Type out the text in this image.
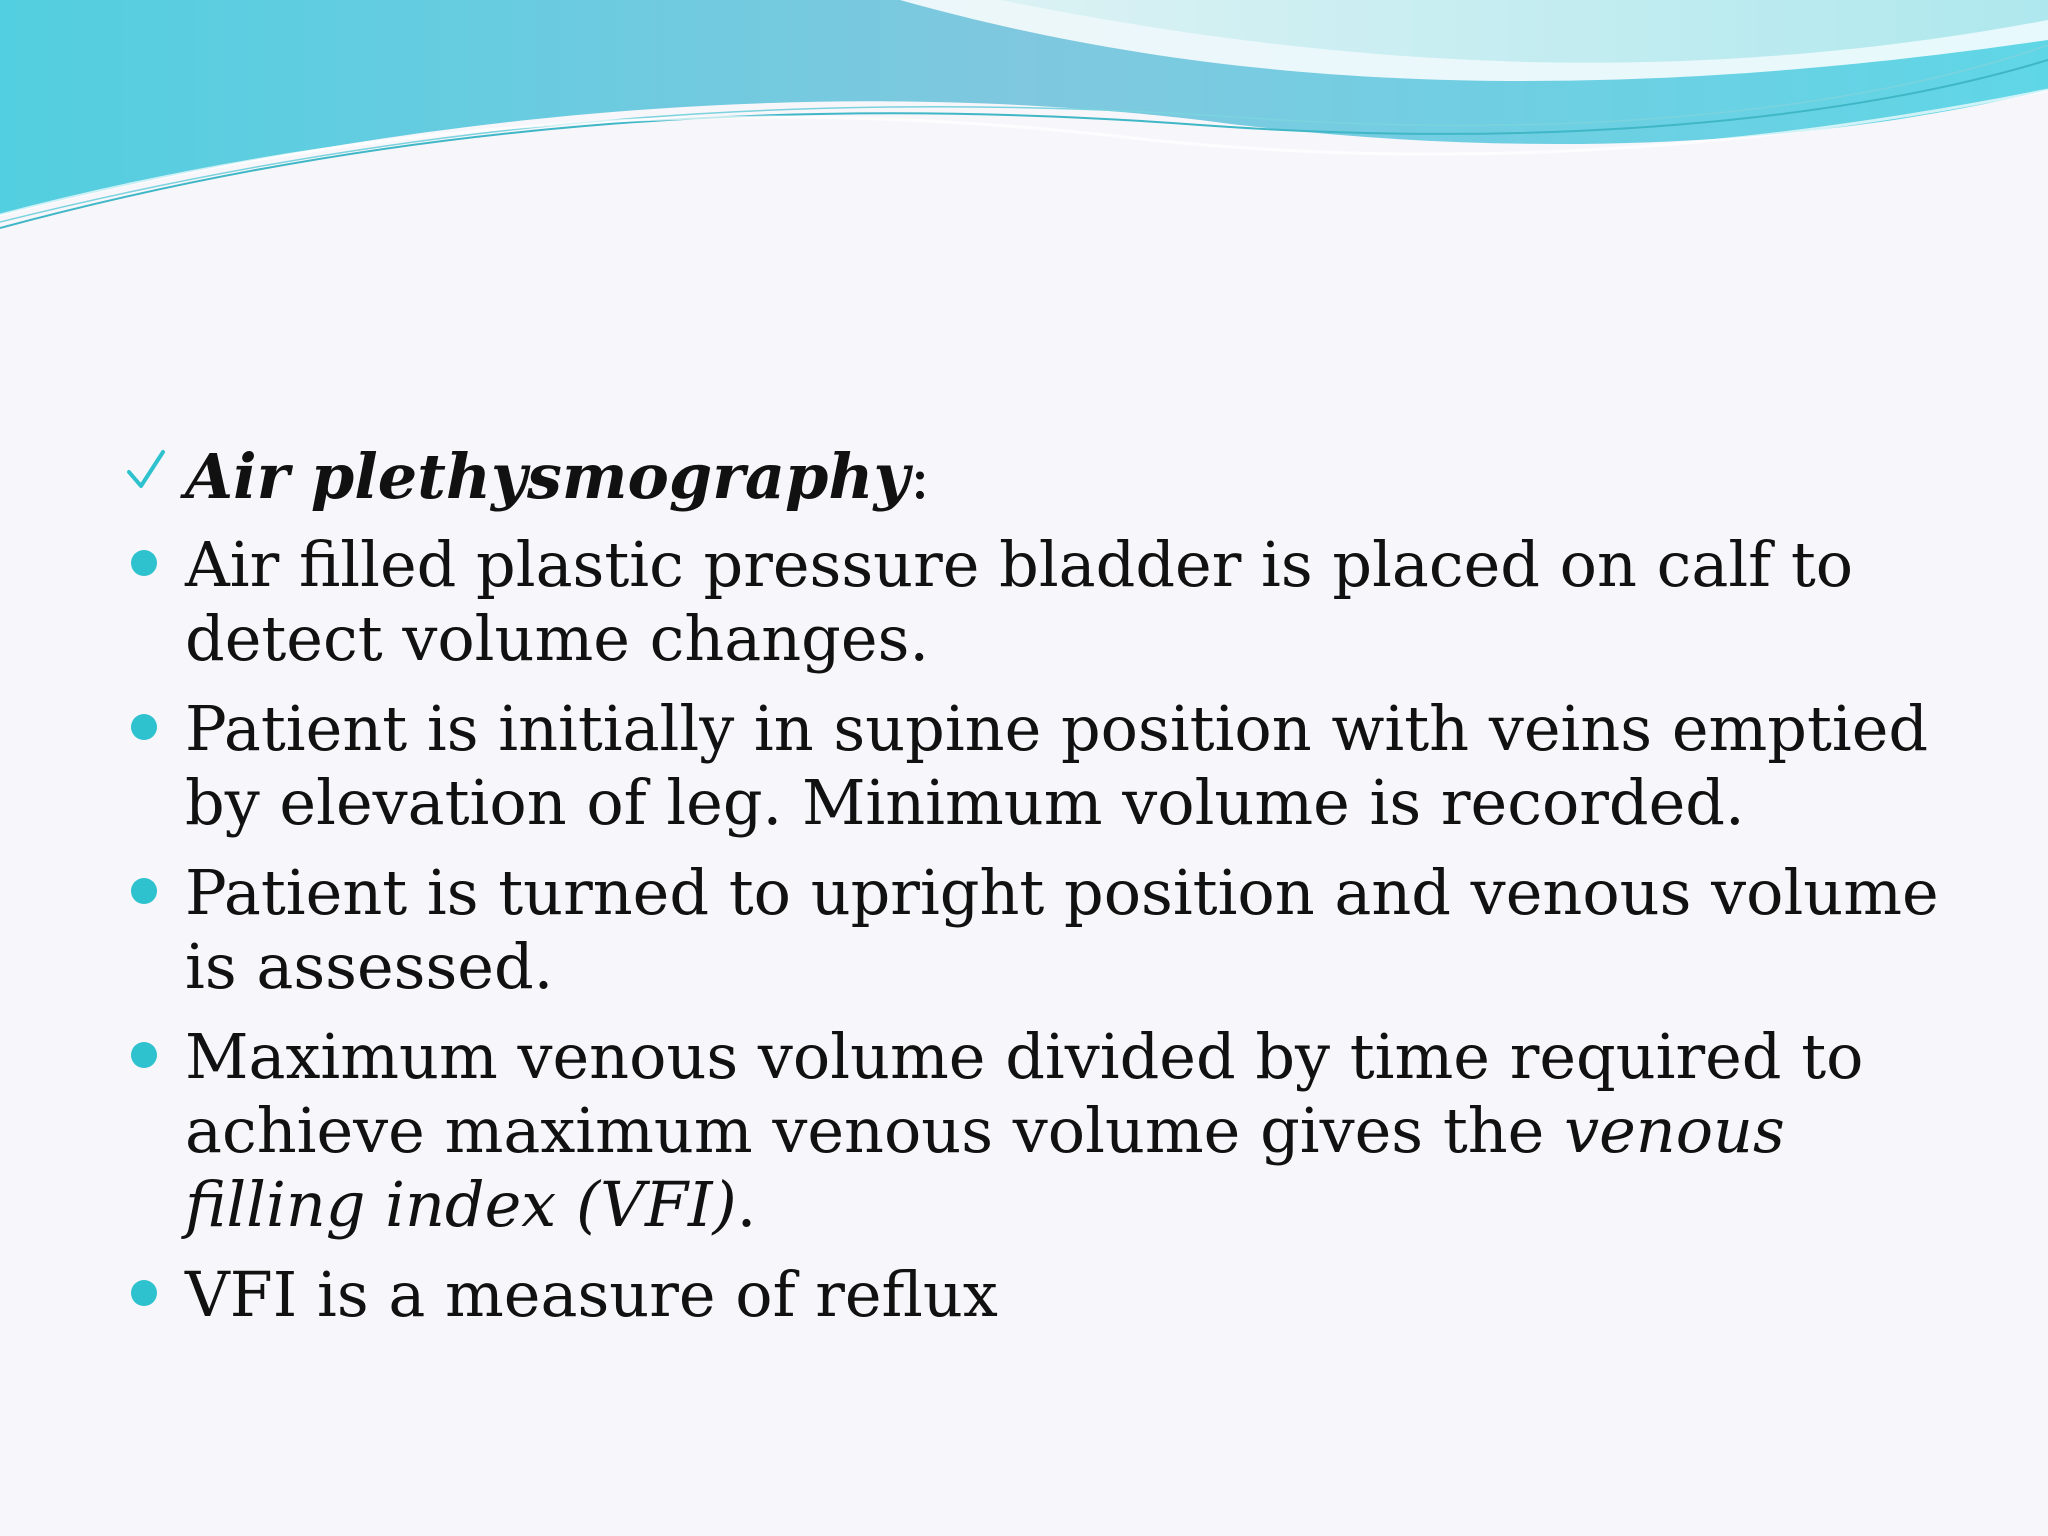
Air plethysmography:
Air filled plastic pressure bladder is placed on calf to detect volume changes.
Patient is initially in supine position with veins emptied by elevation of leg. Minimum volume is recorded.
Patient is turned to upright position and venous volume is assessed.
Maximum venous volume divided by time required to achieve maximum venous volume gives the venous filling index (VFI).
VFI is a measure of reflux
